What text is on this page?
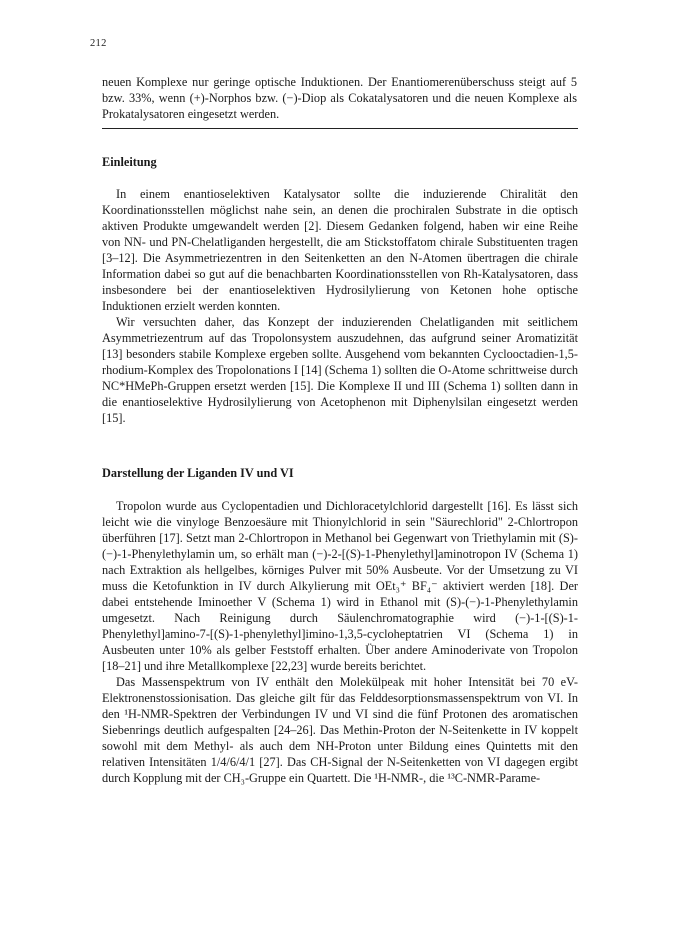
212
neuen Komplexe nur geringe optische Induktionen. Der Enantiomerenüberschuss steigt auf 5 bzw. 33%, wenn (+)-Norphos bzw. (−)-Diop als Cokatalysatoren und die neuen Komplexe als Prokatalysatoren eingesetzt werden.
Einleitung

In einem enantioselektiven Katalysator sollte die induzierende Chiralität den Koordinationsstellen möglichst nahe sein, an denen die prochiralen Substrate in die optisch aktiven Produkte umgewandelt werden [2]. Diesem Gedanken folgend, haben wir eine Reihe von NN- und PN-Chelatliganden hergestellt, die am Stickstoffatom chirale Substituenten tragen [3–12]. Die Asymmetriezentren in den Seitenketten an den N-Atomen übertragen die chirale Information dabei so gut auf die benachbarten Koordinationsstellen von Rh-Katalysatoren, dass insbesondere bei der enantioselektiven Hydrosilylierung von Ketonen hohe optische Induktionen erzielt werden konnten.

Wir versuchten daher, das Konzept der induzierenden Chelatliganden mit seitlichem Asymmetriezentrum auf das Tropolonsystem auszudehnen, das aufgrund seiner Aromatizität [13] besonders stabile Komplexe ergeben sollte. Ausgehend vom bekannten Cyclooctadien-1,5-rhodium-Komplex des Tropolonations I [14] (Schema 1) sollten die O-Atome schrittweise durch NC*HMePh-Gruppen ersetzt werden [15]. Die Komplexe II und III (Schema 1) sollten dann in die enantioselektive Hydrosilylierung von Acetophenon mit Diphenylsilan eingesetzt werden [15].

Darstellung der Liganden IV und VI

Tropolon wurde aus Cyclopentadien und Dichloracetylchlorid dargestellt [16]. Es lässt sich leicht wie die vinyloge Benzoesäure mit Thionylchlorid in sein "Säurechlorid" 2-Chlortropon überführen [17]. Setzt man 2-Chlortropon in Methanol bei Gegenwart von Triethylamin mit (S)-(−)-1-Phenylethylamin um, so erhält man (−)-2-[(S)-1-Phenylethyl]aminotropon IV (Schema 1) nach Extraktion als hellgelbes, körniges Pulver mit 50% Ausbeute. Vor der Umsetzung zu VI muss die Ketofunktion in IV durch Alkylierung mit OEt₃⁺ BF₄⁻ aktiviert werden [18]. Der dabei entstehende Iminoether V (Schema 1) wird in Ethanol mit (S)-(−)-1-Phenylethylamin umgesetzt. Nach Reinigung durch Säulenchromatographie wird (−)-1-[(S)-1-Phenylethyl]amino-7-[(S)-1-phenylethyl]imino-1,3,5-cycloheptatrien VI (Schema 1) in Ausbeuten unter 10% als gelber Feststoff erhalten. Über andere Aminoderivate von Tropolon [18–21] und ihre Metallkomplexe [22,23] wurde bereits berichtet.

Das Massenspektrum von IV enthält den Molekülpeak mit hoher Intensität bei 70 eV-Elektronenstossionisation. Das gleiche gilt für das Felddesorptionsmassenspektrum von VI. In den ¹H-NMR-Spektren der Verbindungen IV und VI sind die fünf Protonen des aromatischen Siebenrings deutlich aufgespalten [24–26]. Das Methin-Proton der N-Seitenkette in IV koppelt sowohl mit dem Methyl- als auch dem NH-Proton unter Bildung eines Quintetts mit den relativen Intensitäten 1/4/6/4/1 [27]. Das CH-Signal der N-Seitenketten von VI dagegen ergibt durch Kopplung mit der CH₃-Gruppe ein Quartett. Die ¹H-NMR-, die ¹³C-NMR-Parame-
